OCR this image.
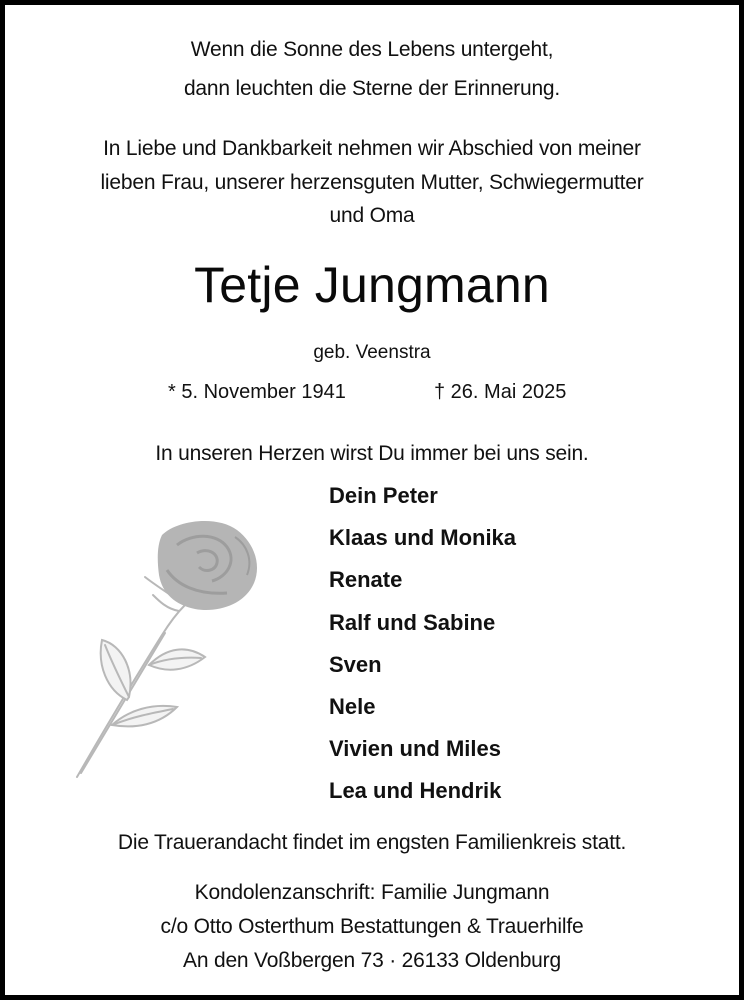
Wenn die Sonne des Lebens untergeht,
dann leuchten die Sterne der Erinnerung.
In Liebe und Dankbarkeit nehmen wir Abschied von meiner
lieben Frau, unserer herzensguten Mutter, Schwiegermutter
und Oma
Tetje Jungmann
geb. Veenstra
* 5. November 1941	† 26. Mai 2025
In unseren Herzen wirst Du immer bei uns sein.
Dein Peter
Klaas und Monika
Renate
Ralf und Sabine
Sven
Nele
Vivien und Miles
Lea und Hendrik
Die Trauerandacht findet im engsten Familienkreis statt.
Kondolenzanschrift: Familie Jungmann
c/o Otto Osterthum Bestattungen & Trauerhilfe
An den Voßbergen 73 · 26133 Oldenburg
